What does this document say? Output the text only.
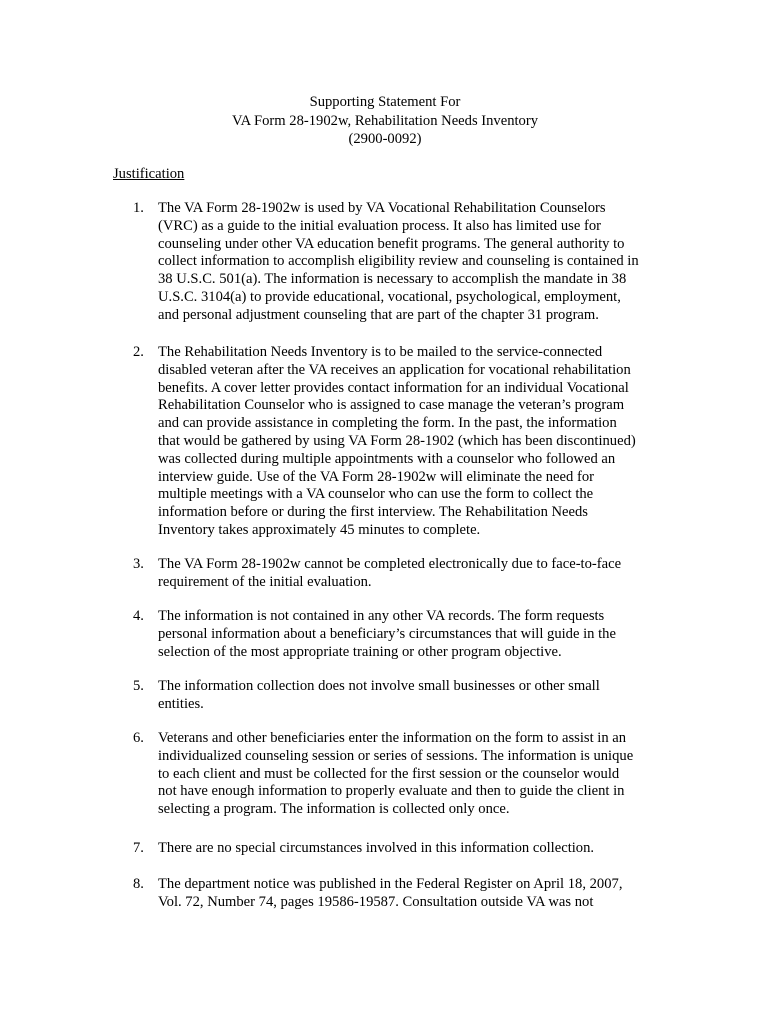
Supporting Statement For
VA Form 28-1902w, Rehabilitation Needs Inventory
(2900-0092)
Justification
1. The VA Form 28-1902w is used by VA Vocational Rehabilitation Counselors
(VRC) as a guide to the initial evaluation process. It also has limited use for
counseling under other VA education benefit programs. The general authority to
collect information to accomplish eligibility review and counseling is contained in
38 U.S.C. 501(a). The information is necessary to accomplish the mandate in 38
U.S.C. 3104(a) to provide educational, vocational, psychological, employment,
and personal adjustment counseling that are part of the chapter 31 program.
2. The Rehabilitation Needs Inventory is to be mailed to the service-connected
disabled veteran after the VA receives an application for vocational rehabilitation
benefits. A cover letter provides contact information for an individual Vocational
Rehabilitation Counselor who is assigned to case manage the veteran’s program
and can provide assistance in completing the form. In the past, the information
that would be gathered by using VA Form 28-1902 (which has been discontinued)
was collected during multiple appointments with a counselor who followed an
interview guide. Use of the VA Form 28-1902w will eliminate the need for
multiple meetings with a VA counselor who can use the form to collect the
information before or during the first interview. The Rehabilitation Needs
Inventory takes approximately 45 minutes to complete.
3. The VA Form 28-1902w cannot be completed electronically due to face-to-face
requirement of the initial evaluation.
4. The information is not contained in any other VA records. The form requests
personal information about a beneficiary’s circumstances that will guide in the
selection of the most appropriate training or other program objective.
5. The information collection does not involve small businesses or other small
entities.
6. Veterans and other beneficiaries enter the information on the form to assist in an
individualized counseling session or series of sessions. The information is unique
to each client and must be collected for the first session or the counselor would
not have enough information to properly evaluate and then to guide the client in
selecting a program. The information is collected only once.
7. There are no special circumstances involved in this information collection.
8. The department notice was published in the Federal Register on April 18, 2007,
Vol. 72, Number 74, pages 19586-19587. Consultation outside VA was not
